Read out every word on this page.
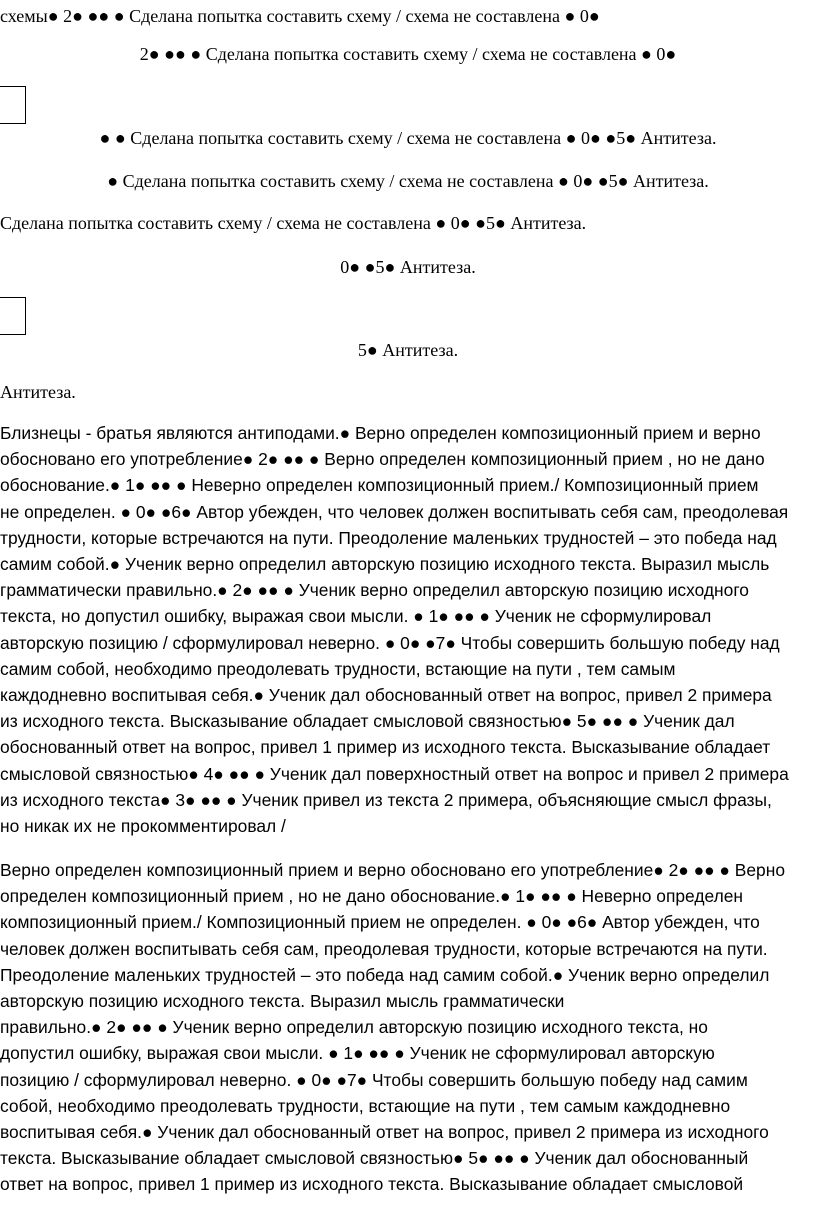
схемы● 2● ●● ● Сделана попытка составить схему / схема не составлена ● 0●
2● ●● ● Сделана попытка составить схему / схема не составлена ● 0●
● ● Сделана попытка составить схему / схема не составлена ● 0● ●5● Антитеза.
● Сделана попытка составить схему / схема не составлена ● 0● ●5● Антитеза.
Сделана попытка составить схему / схема не составлена ● 0● ●5● Антитеза.
0● ●5● Антитеза.
5● Антитеза.
Антитеза.
Близнецы - братья являются антиподами.● Верно определен композиционный прием и верно
обосновано его употребление● 2● ●● ● Верно определен композиционный прием , но не дано
обоснование.● 1● ●● ● Неверно определен композиционный прием./ Композиционный прием
не определен. ● 0● ●6● Автор убежден, что человек должен воспитывать себя сам, преодолевая
трудности, которые встречаются на пути. Преодоление маленьких трудностей – это победа над
самим собой.● Ученик верно определил авторскую позицию исходного текста. Выразил мысль
грамматически правильно.● 2● ●● ● Ученик верно определил авторскую позицию исходного
текста, но допустил ошибку, выражая свои мысли. ● 1● ●● ● Ученик не сформулировал
авторскую позицию / сформулировал неверно. ● 0● ●7● Чтобы совершить большую победу над
самим собой, необходимо преодолевать трудности, встающие на пути , тем самым
каждодневно воспитывая себя.● Ученик дал обоснованный ответ на вопрос, привел 2 примера
из исходного текста. Высказывание обладает смысловой связностью● 5● ●● ● Ученик дал
обоснованный ответ на вопрос, привел 1 пример из исходного текста. Высказывание обладает
смысловой связностью● 4● ●● ● Ученик дал поверхностный ответ на вопрос и привел 2 примера
из исходного текста● 3● ●● ● Ученик привел из текста 2 примера, объясняющие смысл фразы,
но никак их не прокомментировал /
Верно определен композиционный прием и верно обосновано его употребление● 2● ●● ● Верно
определен композиционный прием , но не дано обоснование.● 1● ●● ● Неверно определен
композиционный прием./ Композиционный прием не определен. ● 0● ●6● Автор убежден, что
человек должен воспитывать себя сам, преодолевая трудности, которые встречаются на пути.
Преодоление маленьких трудностей – это победа над самим собой.● Ученик верно определил
авторскую позицию исходного текста. Выразил мысль грамматически
правильно.● 2● ●● ● Ученик верно определил авторскую позицию исходного текста, но
допустил ошибку, выражая свои мысли. ● 1● ●● ● Ученик не сформулировал авторскую
позицию / сформулировал неверно. ● 0● ●7● Чтобы совершить большую победу над самим
собой, необходимо преодолевать трудности, встающие на пути , тем самым каждодневно
воспитывая себя.● Ученик дал обоснованный ответ на вопрос, привел 2 примера из исходного
текста. Высказывание обладает смысловой связностью● 5● ●● ● Ученик дал обоснованный
ответ на вопрос, привел 1 пример из исходного текста. Высказывание обладает смысловой
